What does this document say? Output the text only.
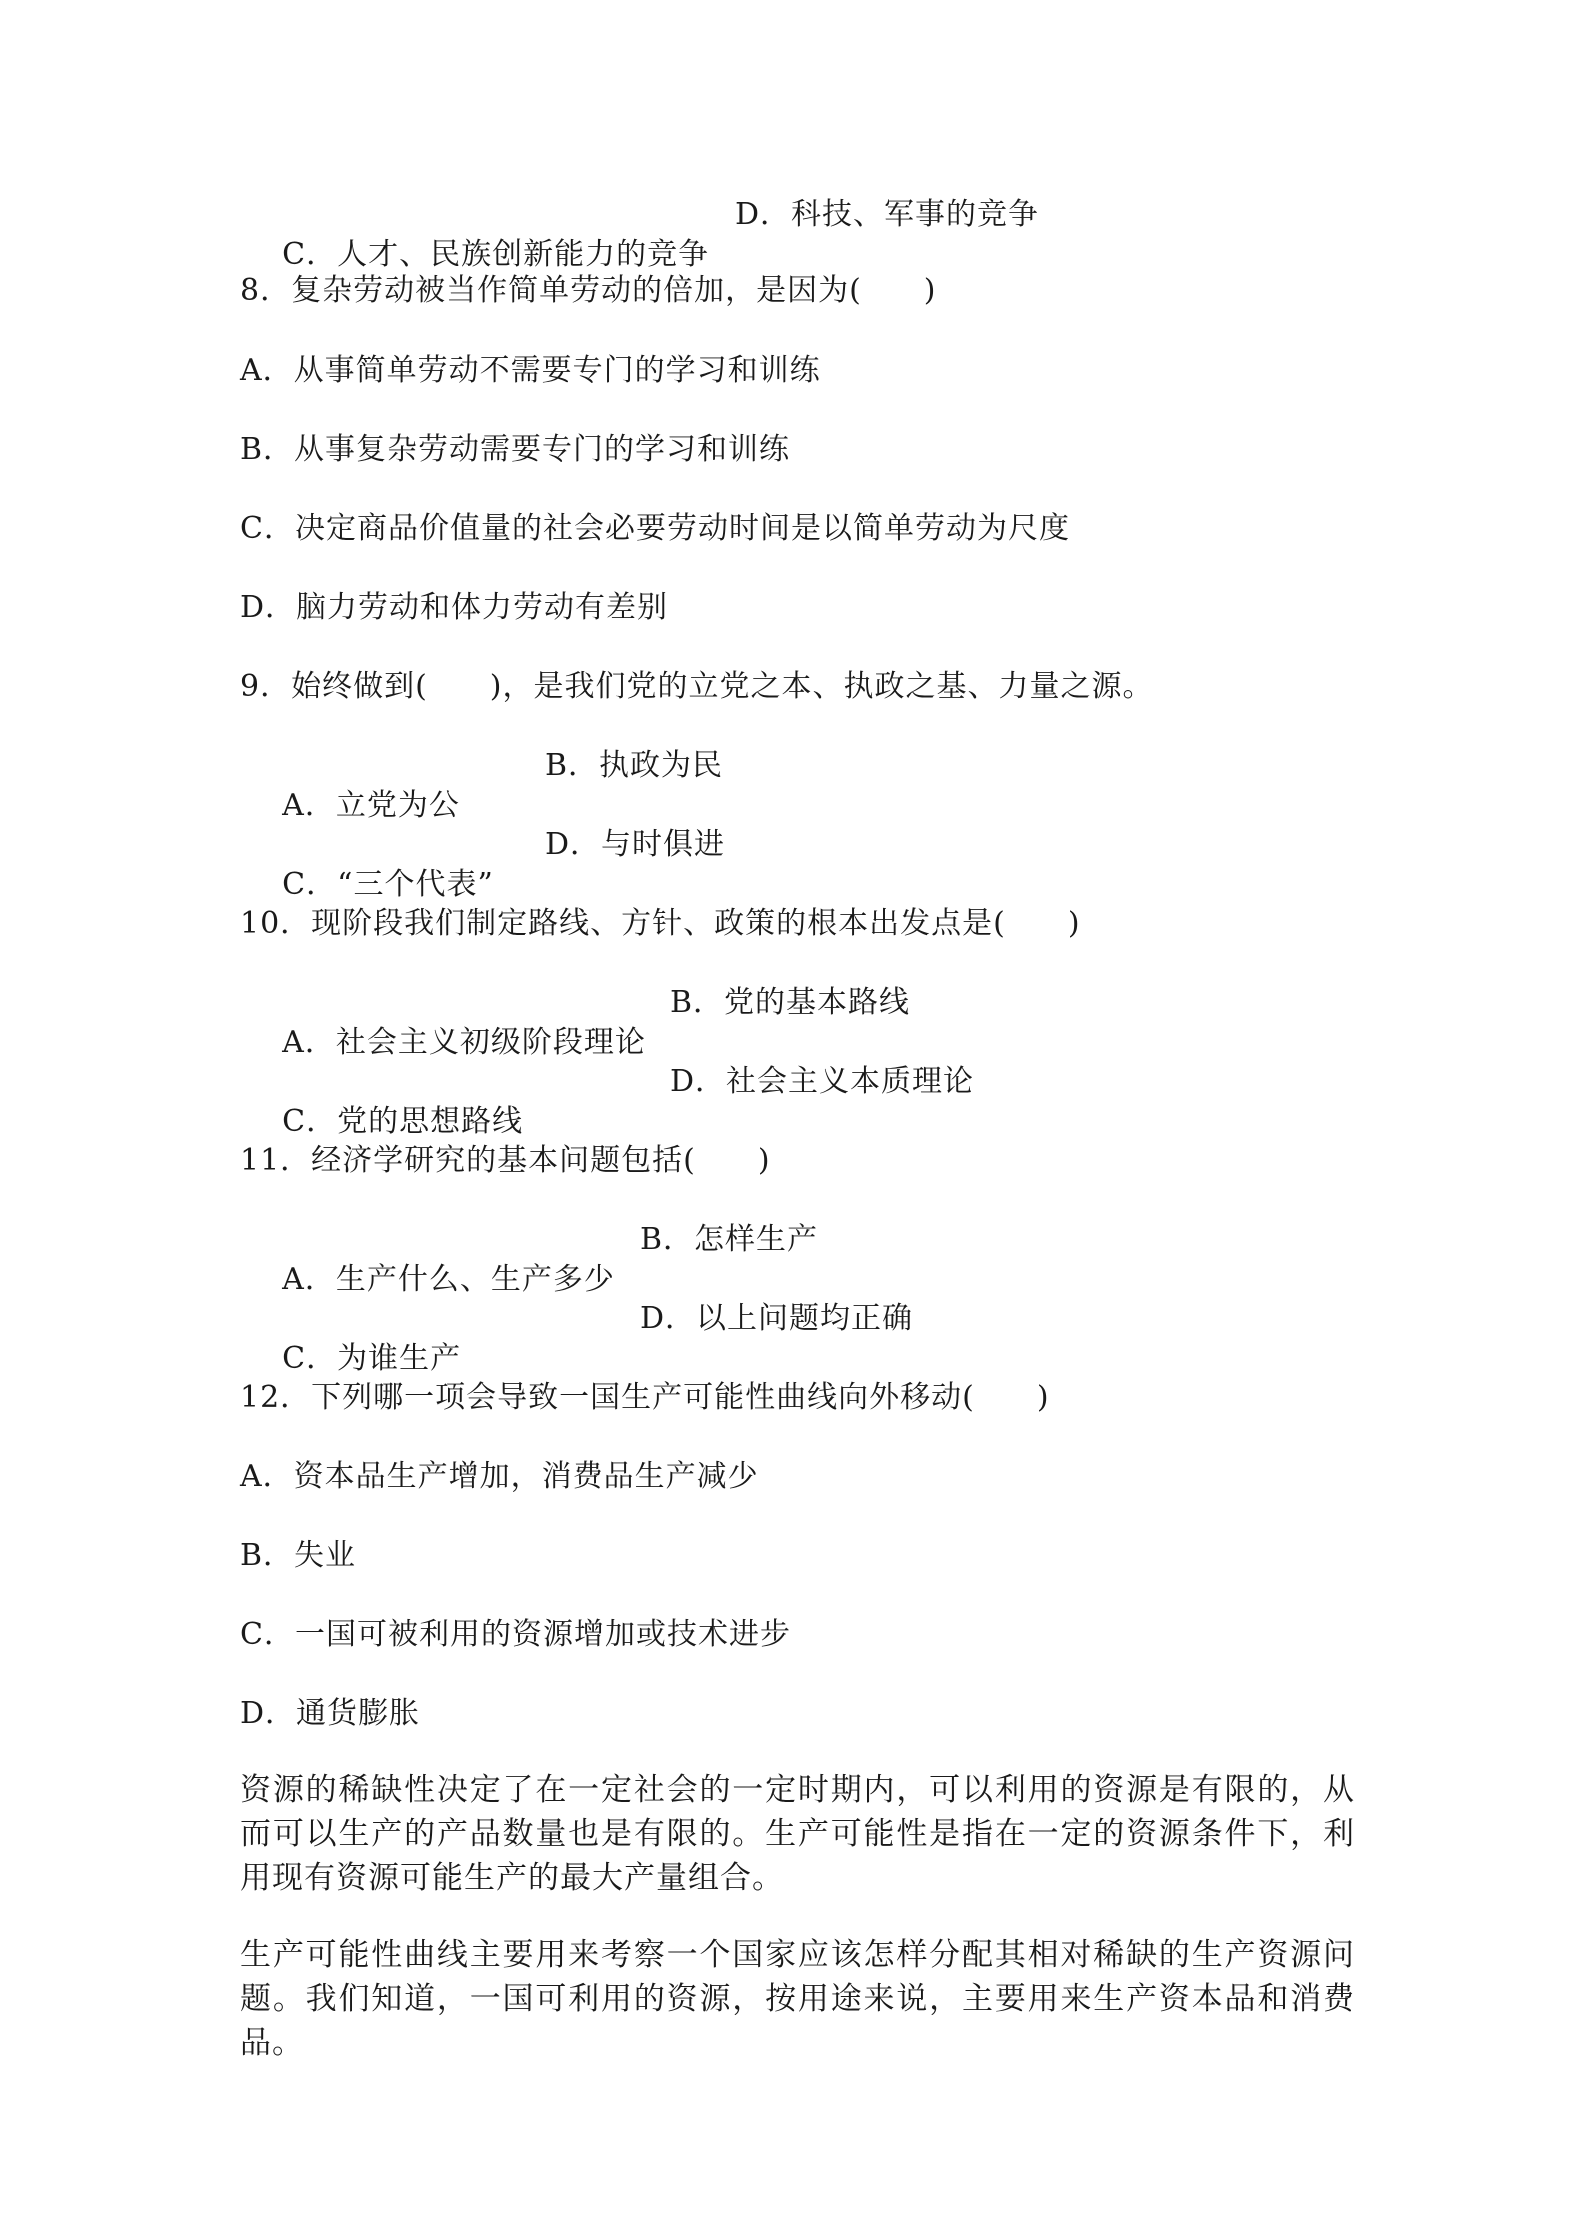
C．人才、民族创新能力的竞争

D．科技、军事的竞争

8．复杂劳动被当作简单劳动的倍加，是因为(　　)
A．从事简单劳动不需要专门的学习和训练
B．从事复杂劳动需要专门的学习和训练
C．决定商品价值量的社会必要劳动时间是以简单劳动为尺度
D．脑力劳动和体力劳动有差别
9．始终做到(　　)，是我们党的立党之本、执政之基、力量之源。

A．立党为公

B．执政为民

C．“三个代表”

D．与时俱进

10．现阶段我们制定路线、方针、政策的根本出发点是(　　)

A．社会主义初级阶段理论

B．党的基本路线

C．党的思想路线

D．社会主义本质理论

11．经济学研究的基本问题包括(　　)

A．生产什么、生产多少

B．怎样生产

C．为谁生产

D．以上问题均正确

12．下列哪一项会导致一国生产可能性曲线向外移动(　　)
A．资本品生产增加，消费品生产减少
B．失业
C．一国可被利用的资源增加或技术进步
D．通货膨胀
资源的稀缺性决定了在一定社会的一定时期内，可以利用的资源是有限的，从而可以生产的产品数量也是有限的。生产可能性是指在一定的资源条件下，利用现有资源可能生产的最大产量组合。
生产可能性曲线主要用来考察一个国家应该怎样分配其相对稀缺的生产资源问题。我们知道，一国可利用的资源，按用途来说，主要用来生产资本品和消费品。
